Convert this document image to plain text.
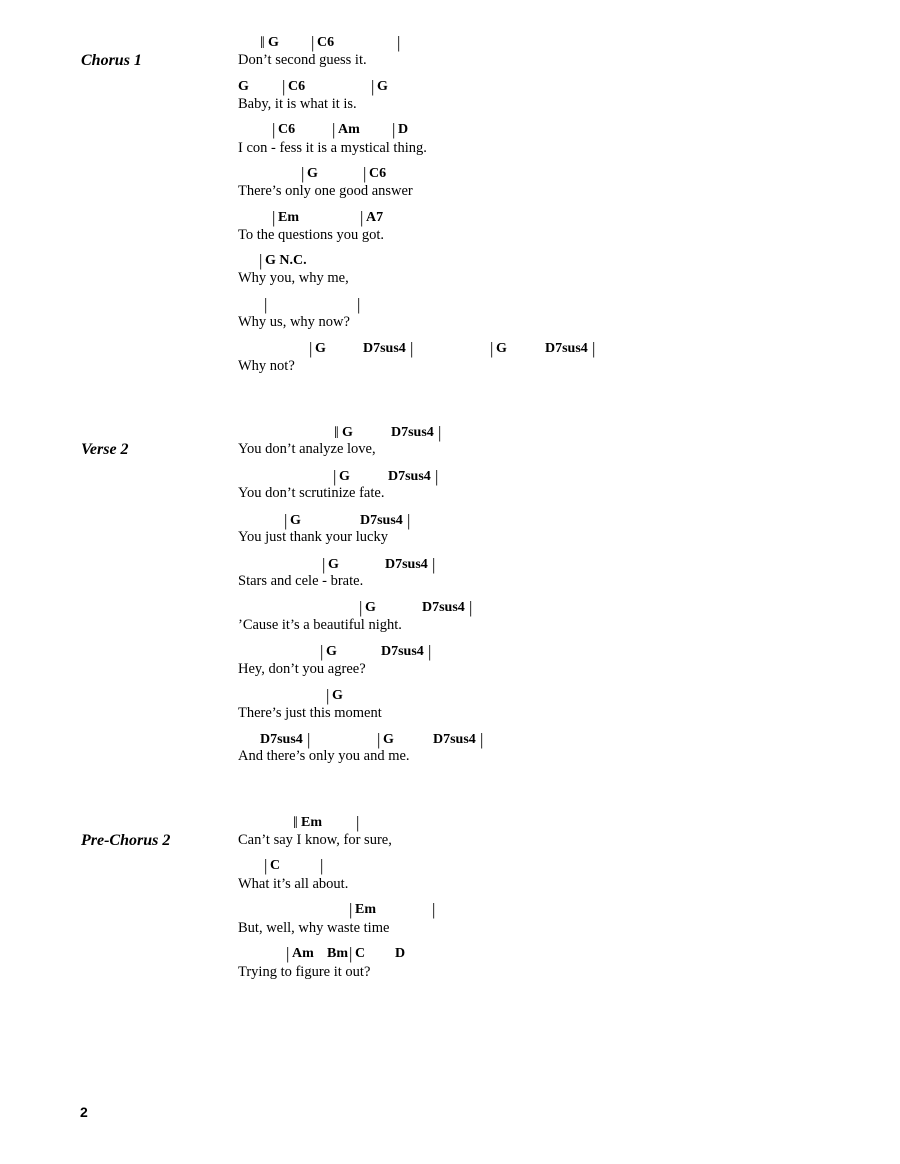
Chorus 1
‖ G | C6	|
Don’t second guess it.
G | C6	| G
Baby, it is what it is.
| C6 | Am | D
I con - fess it is a mystical thing.
| G	| C6
There’s only one good answer
| Em	| A7
To the questions you got.
| G N.C.
Why you, why me,
|	|
Why us, why now?
| G	D7sus4 |	| G	D7sus4 |
Why not?
Verse 2
‖ G	D7sus4 |
You don’t analyze love,
| G	D7sus4 |
You don’t scrutinize fate.
| G	D7sus4 |
You just thank your lucky
| G	D7sus4 |
Stars and cele - brate.
| G	D7sus4 |
’Cause it’s a beautiful night.
| G	D7sus4 |
Hey, don’t you agree?
| G
There’s just this moment
D7sus4 |	| G	D7sus4 |
And there’s only you and me.
Pre-Chorus 2
‖ Em |
Can’t say I know, for sure,
| C |
What it’s all about.
| Em	|
But, well, why waste time
| Am Bm | C D
Trying to figure it out?
2
